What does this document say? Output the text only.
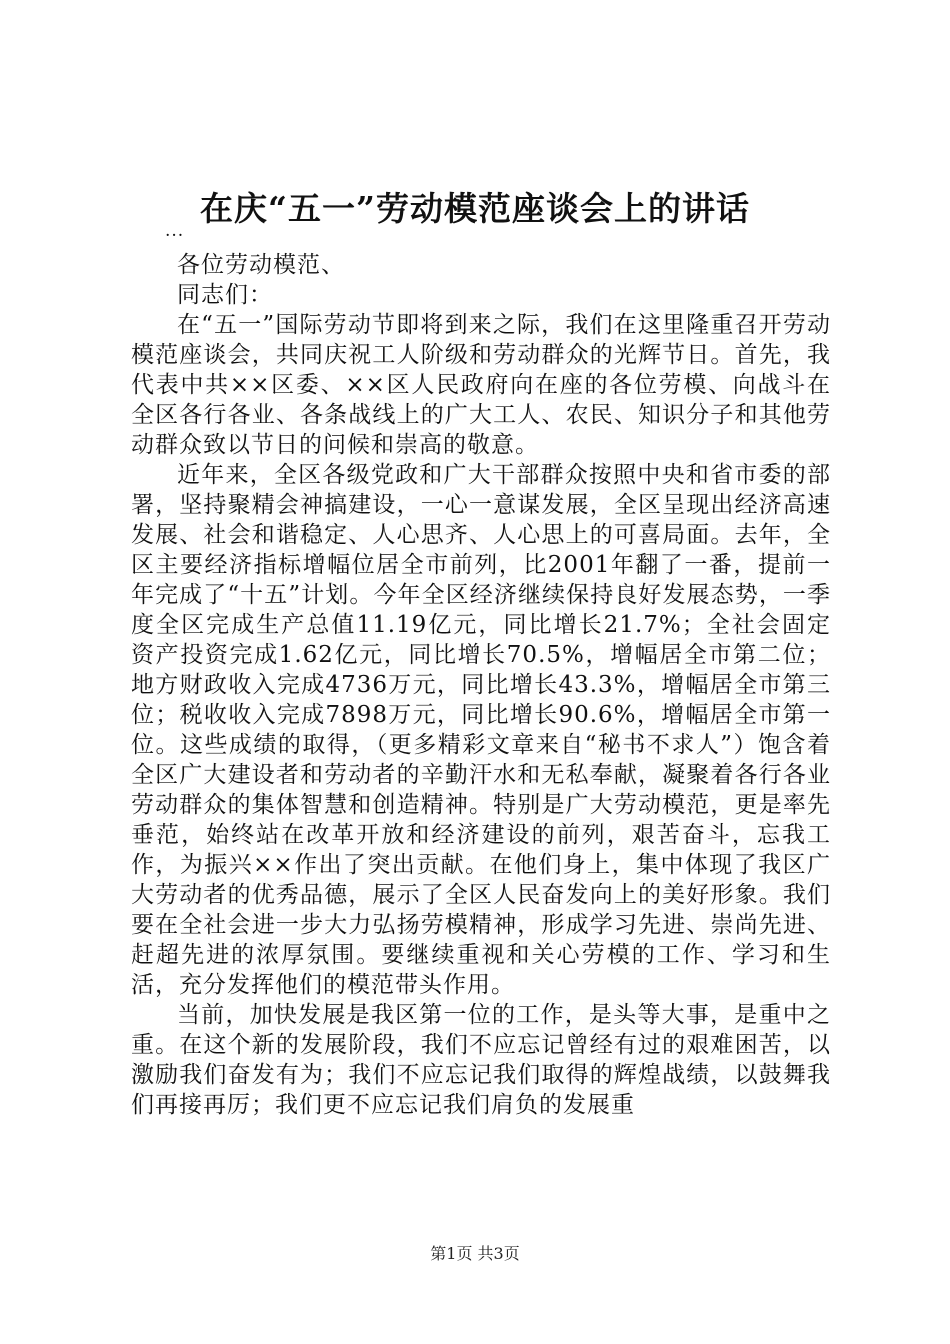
在庆“五一”劳动模范座谈会上的讲话

...

各位劳动模范、

同志们：

在“五一”国际劳动节即将到来之际，我们在这里隆重召开劳动模范座谈会，共同庆祝工人阶级和劳动群众的光辉节日。首先，我代表中共××区委、××区人民政府向在座的各位劳模、向战斗在全区各行各业、各条战线上的广大工人、农民、知识分子和其他劳动群众致以节日的问候和崇高的敬意。

近年来，全区各级党政和广大干部群众按照中央和省市委的部署，坚持聚精会神搞建设，一心一意谋发展，全区呈现出经济高速发展、社会和谐稳定、人心思齐、人心思上的可喜局面。去年，全区主要经济指标增幅位居全市前列，比2001年翻了一番，提前一年完成了“十五”计划。今年全区经济继续保持良好发展态势，一季度全区完成生产总值11.19亿元，同比增长21.7%；全社会固定资产投资完成1.62亿元，同比增长70.5%，增幅居全市第二位；地方财政收入完成4736万元，同比增长43.3%，增幅居全市第三位；税收收入完成7898万元，同比增长90.6%，增幅居全市第一位。这些成绩的取得，（更多精彩文章来自“秘书不求人”）饱含着全区广大建设者和劳动者的辛勤汗水和无私奉献，凝聚着各行各业劳动群众的集体智慧和创造精神。特别是广大劳动模范，更是率先垂范，始终站在改革开放和经济建设的前列，艰苦奋斗，忘我工作，为振兴××作出了突出贡献。在他们身上，集中体现了我区广大劳动者的优秀品德，展示了全区人民奋发向上的美好形象。我们要在全社会进一步大力弘扬劳模精神，形成学习先进、崇尚先进、赶超先进的浓厚氛围。要继续重视和关心劳模的工作、学习和生活，充分发挥他们的模范带头作用。

当前，加快发展是我区第一位的工作，是头等大事，是重中之重。在这个新的发展阶段，我们不应忘记曾经有过的艰难困苦，以激励我们奋发有为；我们不应忘记我们取得的辉煌战绩，以鼓舞我们再接再厉；我们更不应忘记我们肩负的发展重

第1页 共3页
